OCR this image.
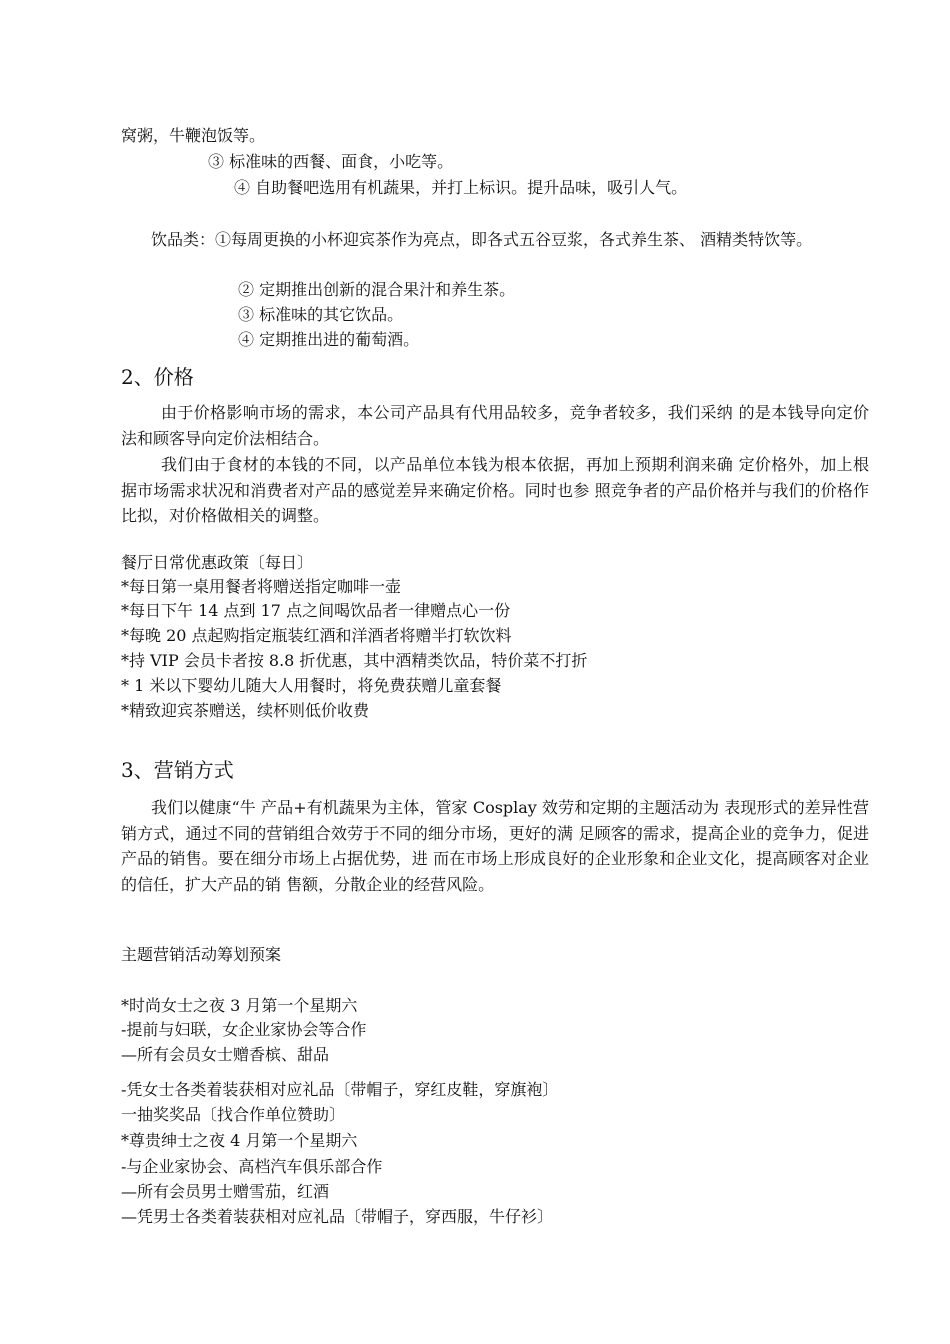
窝粥，牛鞭泡饭等。
③ 标准味的西餐、面食，小吃等。
④ 自助餐吧选用有机蔬果，并打上标识。提升品味，吸引人气。
饮品类：①每周更换的小杯迎宾茶作为亮点，即各式五谷豆浆，各式养生茶、 酒精类特饮等。
② 定期推出创新的混合果汁和养生茶。
③ 标准味的其它饮品。
④ 定期推出进的葡萄酒。
2、价格
由于价格影响市场的需求，本公司产品具有代用品较多，竞争者较多，我们采纳 的是本钱导向定价法和顾客导向定价法相结合。
我们由于食材的本钱的不同，以产品单位本钱为根本依据，再加上预期利润来确 定价格外，加上根据市场需求状况和消费者对产品的感觉差异来确定价格。同时也参 照竞争者的产品价格并与我们的价格作比拟，对价格做相关的调整。
餐厅日常优惠政策〔每日〕
*每日第一桌用餐者将赠送指定咖啡一壶
*每日下午 14 点到 17 点之间喝饮品者一律赠点心一份
*每晚 20 点起购指定瓶装红酒和洋酒者将赠半打软饮料
*持 VIP 会员卡者按 8.8 折优惠，其中酒精类饮品，特价菜不打折
* 1 米以下婴幼儿随大人用餐时，将免费获赠儿童套餐
*精致迎宾茶赠送，续杯则低价收费
3、营销方式
我们以健康“牛 产品+有机蔬果为主体，管家 Cosplay 效劳和定期的主题活动为 表现形式的差异性营销方式，通过不同的营销组合效劳于不同的细分市场，更好的满 足顾客的需求，提高企业的竞争力，促进产品的销售。要在细分市场上占据优势，进 而在市场上形成良好的企业形象和企业文化，提高顾客对企业的信任，扩大产品的销 售额，分散企业的经营风险。
主题营销活动筹划预案
*时尚女士之夜 3 月第一个星期六
-提前与妇联，女企业家协会等合作
—所有会员女士赠香槟、甜品
-凭女士各类着装获相对应礼品〔带帽子，穿红皮鞋，穿旗袍〕
一抽奖奖品〔找合作单位赞助〕
*尊贵绅士之夜 4 月第一个星期六
-与企业家协会、高档汽车俱乐部合作
—所有会员男士赠雪茄，红酒
—凭男士各类着装获相对应礼品〔带帽子，穿西服，牛仔衫〕
